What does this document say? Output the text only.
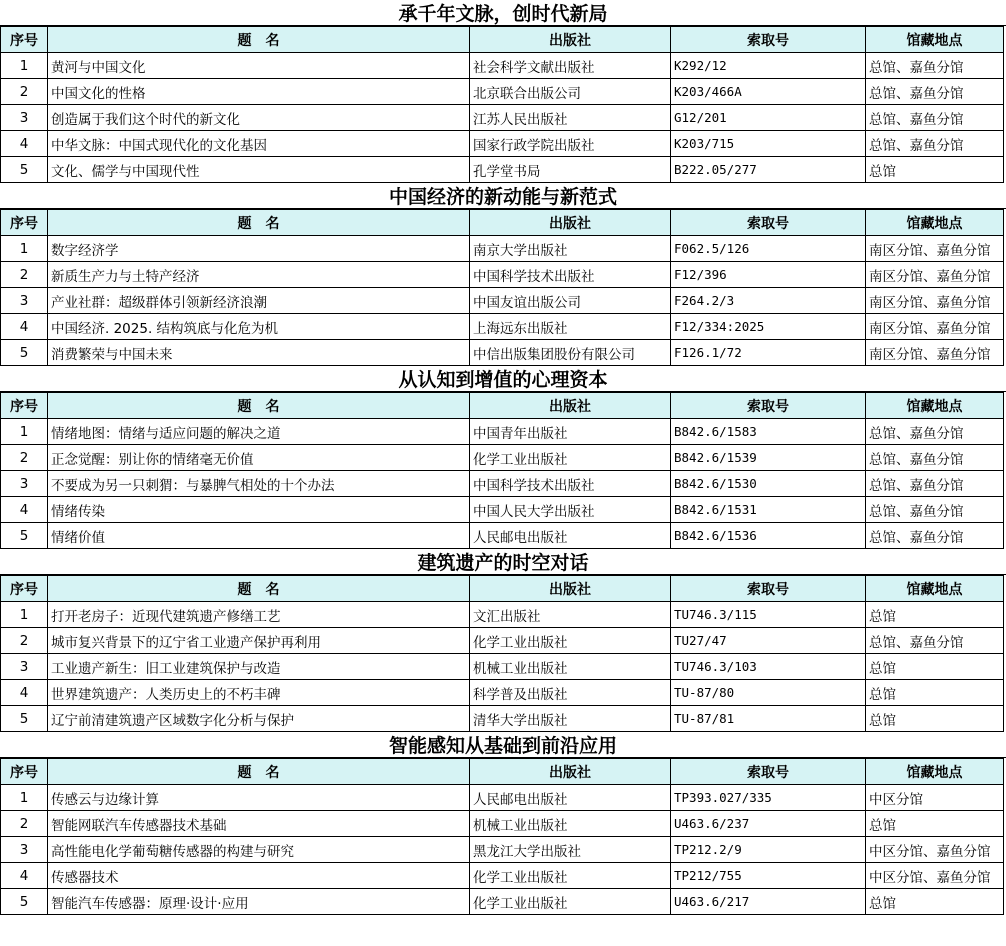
承千年文脉，创时代新局
序号	题　名	出版社	索取号	馆藏地点
1	黄河与中国文化	社会科学文献出版社	K292/12	总馆、嘉鱼分馆
2	中国文化的性格	北京联合出版公司	K203/466A	总馆、嘉鱼分馆
3	创造属于我们这个时代的新文化	江苏人民出版社	G12/201	总馆、嘉鱼分馆
4	中华文脉：中国式现代化的文化基因	国家行政学院出版社	K203/715	总馆、嘉鱼分馆
5	文化、儒学与中国现代性	孔学堂书局	B222.05/277	总馆
中国经济的新动能与新范式
序号	题　名	出版社	索取号	馆藏地点
1	数字经济学	南京大学出版社	F062.5/126	南区分馆、嘉鱼分馆
2	新质生产力与土特产经济	中国科学技术出版社	F12/396	南区分馆、嘉鱼分馆
3	产业社群：超级群体引领新经济浪潮	中国友谊出版公司	F264.2/3	南区分馆、嘉鱼分馆
4	中国经济. 2025. 结构筑底与化危为机	上海远东出版社	F12/334:2025	南区分馆、嘉鱼分馆
5	消费繁荣与中国未来	中信出版集团股份有限公司	F126.1/72	南区分馆、嘉鱼分馆
从认知到增值的心理资本
序号	题　名	出版社	索取号	馆藏地点
1	情绪地图：情绪与适应问题的解决之道	中国青年出版社	B842.6/1583	总馆、嘉鱼分馆
2	正念觉醒：别让你的情绪毫无价值	化学工业出版社	B842.6/1539	总馆、嘉鱼分馆
3	不要成为另一只刺猬：与暴脾气相处的十个办法	中国科学技术出版社	B842.6/1530	总馆、嘉鱼分馆
4	情绪传染	中国人民大学出版社	B842.6/1531	总馆、嘉鱼分馆
5	情绪价值	人民邮电出版社	B842.6/1536	总馆、嘉鱼分馆
建筑遗产的时空对话
序号	题　名	出版社	索取号	馆藏地点
1	打开老房子：近现代建筑遗产修缮工艺	文汇出版社	TU746.3/115	总馆
2	城市复兴背景下的辽宁省工业遗产保护再利用	化学工业出版社	TU27/47	总馆、嘉鱼分馆
3	工业遗产新生：旧工业建筑保护与改造	机械工业出版社	TU746.3/103	总馆
4	世界建筑遗产：人类历史上的不朽丰碑	科学普及出版社	TU-87/80	总馆
5	辽宁前清建筑遗产区域数字化分析与保护	清华大学出版社	TU-87/81	总馆
智能感知从基础到前沿应用
序号	题　名	出版社	索取号	馆藏地点
1	传感云与边缘计算	人民邮电出版社	TP393.027/335	中区分馆
2	智能网联汽车传感器技术基础	机械工业出版社	U463.6/237	总馆
3	高性能电化学葡萄糖传感器的构建与研究	黑龙江大学出版社	TP212.2/9	中区分馆、嘉鱼分馆
4	传感器技术	化学工业出版社	TP212/755	中区分馆、嘉鱼分馆
5	智能汽车传感器：原理·设计·应用	化学工业出版社	U463.6/217	总馆
